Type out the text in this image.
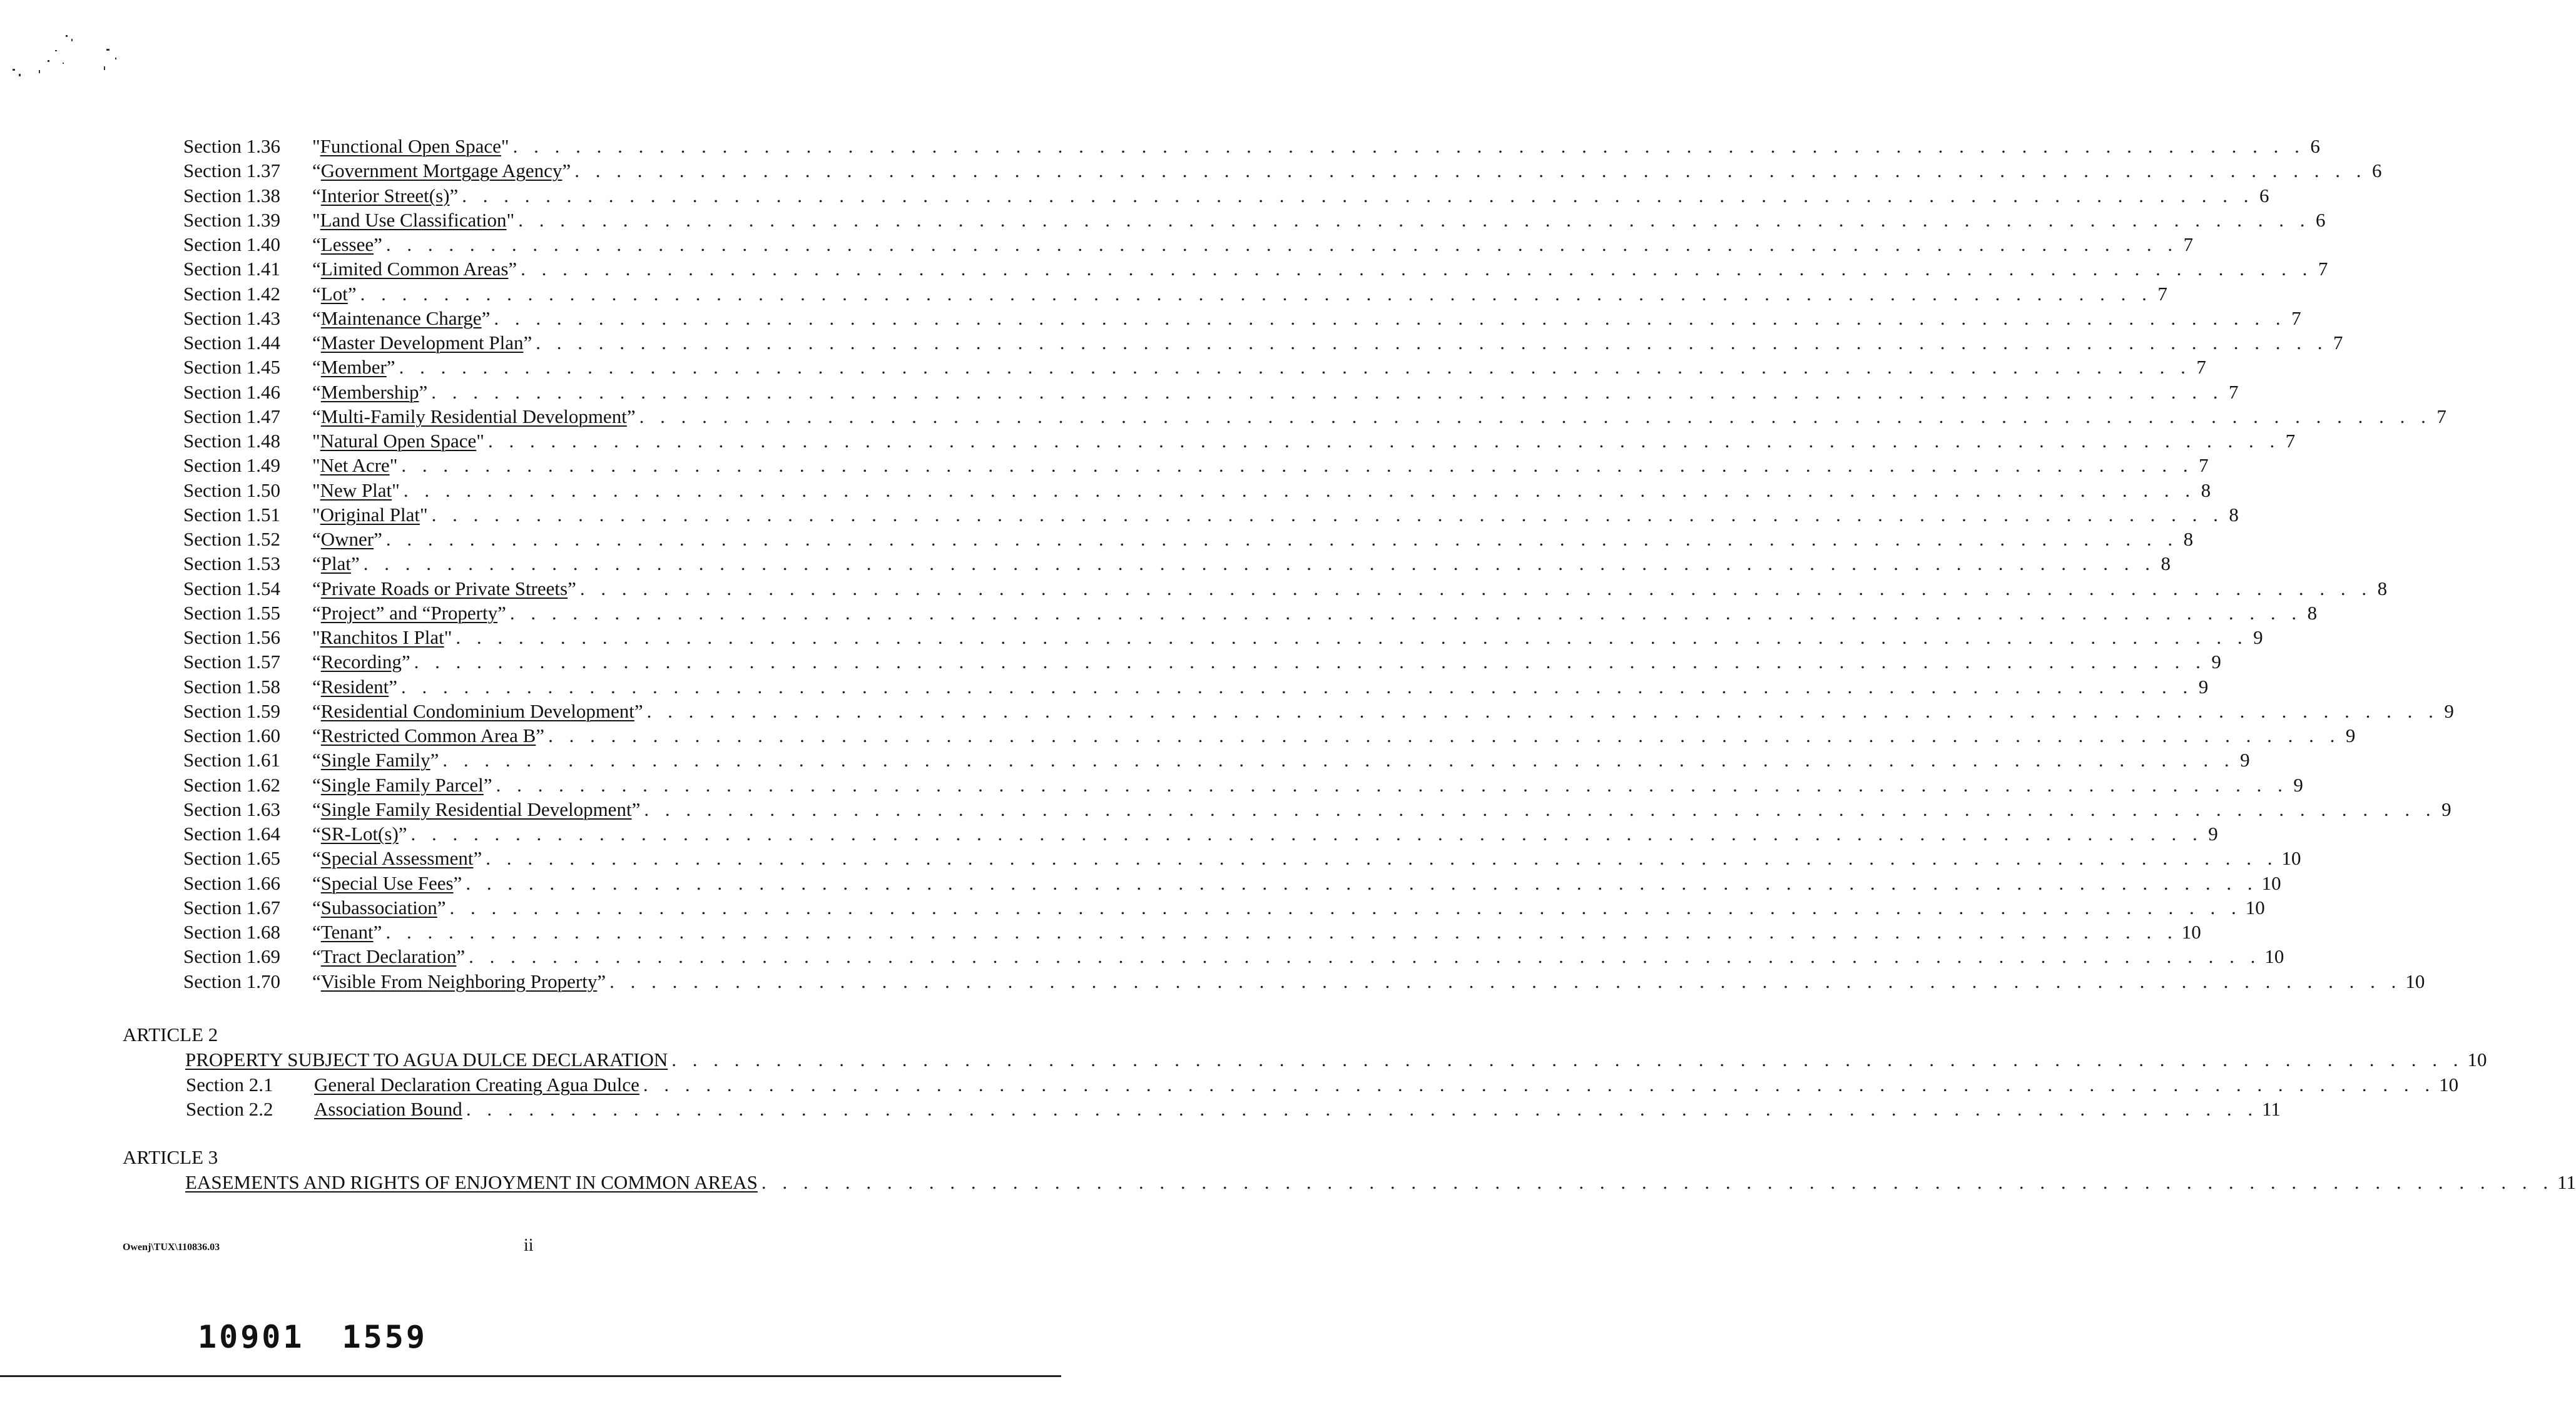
Section 1.36	"Functional Open Space" . . . . . . . . . . . . . . . . . . . . . . . . . . . . . . . . . . . . . . . . . . . . . . . . . . . . . . . . . . . . . . . . . . . . . . . . . . . . . . . . . . . . . . 6
Section 1.37	“Government Mortgage Agency” . . . . . . . . . . . . . . . . . . . . . . . . . . . . . . . . . . . . . . . . . . . . . . . . . . . . . . . . . . . . . . . . . . . . . . . . . . . . . . . . . . . . . . 6
Section 1.38	“Interior Street(s)” . . . . . . . . . . . . . . . . . . . . . . . . . . . . . . . . . . . . . . . . . . . . . . . . . . . . . . . . . . . . . . . . . . . . . . . . . . . . . . . . . . . . . . 6
Section 1.39	"Land Use Classification" . . . . . . . . . . . . . . . . . . . . . . . . . . . . . . . . . . . . . . . . . . . . . . . . . . . . . . . . . . . . . . . . . . . . . . . . . . . . . . . . . . . . . . 6
Section 1.40	“Lessee” . . . . . . . . . . . . . . . . . . . . . . . . . . . . . . . . . . . . . . . . . . . . . . . . . . . . . . . . . . . . . . . . . . . . . . . . . . . . . . . . . . . . . . 7
Section 1.41	“Limited Common Areas” . . . . . . . . . . . . . . . . . . . . . . . . . . . . . . . . . . . . . . . . . . . . . . . . . . . . . . . . . . . . . . . . . . . . . . . . . . . . . . . . . . . . . . 7
Section 1.42	“Lot” . . . . . . . . . . . . . . . . . . . . . . . . . . . . . . . . . . . . . . . . . . . . . . . . . . . . . . . . . . . . . . . . . . . . . . . . . . . . . . . . . . . . . . 7
Section 1.43	“Maintenance Charge” . . . . . . . . . . . . . . . . . . . . . . . . . . . . . . . . . . . . . . . . . . . . . . . . . . . . . . . . . . . . . . . . . . . . . . . . . . . . . . . . . . . . . . 7
Section 1.44	“Master Development Plan” . . . . . . . . . . . . . . . . . . . . . . . . . . . . . . . . . . . . . . . . . . . . . . . . . . . . . . . . . . . . . . . . . . . . . . . . . . . . . . . . . . . . . . 7
Section 1.45	“Member” . . . . . . . . . . . . . . . . . . . . . . . . . . . . . . . . . . . . . . . . . . . . . . . . . . . . . . . . . . . . . . . . . . . . . . . . . . . . . . . . . . . . . . 7
Section 1.46	“Membership” . . . . . . . . . . . . . . . . . . . . . . . . . . . . . . . . . . . . . . . . . . . . . . . . . . . . . . . . . . . . . . . . . . . . . . . . . . . . . . . . . . . . . . 7
Section 1.47	“Multi-Family Residential Development” . . . . . . . . . . . . . . . . . . . . . . . . . . . . . . . . . . . . . . . . . . . . . . . . . . . . . . . . . . . . . . . . . . . . . . . . . . . . . . . . . . . . . . 7
Section 1.48	"Natural Open Space" . . . . . . . . . . . . . . . . . . . . . . . . . . . . . . . . . . . . . . . . . . . . . . . . . . . . . . . . . . . . . . . . . . . . . . . . . . . . . . . . . . . . . . 7
Section 1.49	"Net Acre" . . . . . . . . . . . . . . . . . . . . . . . . . . . . . . . . . . . . . . . . . . . . . . . . . . . . . . . . . . . . . . . . . . . . . . . . . . . . . . . . . . . . . . 7
Section 1.50	"New Plat" . . . . . . . . . . . . . . . . . . . . . . . . . . . . . . . . . . . . . . . . . . . . . . . . . . . . . . . . . . . . . . . . . . . . . . . . . . . . . . . . . . . . . . 8
Section 1.51	"Original Plat" . . . . . . . . . . . . . . . . . . . . . . . . . . . . . . . . . . . . . . . . . . . . . . . . . . . . . . . . . . . . . . . . . . . . . . . . . . . . . . . . . . . . . . 8
Section 1.52	“Owner” . . . . . . . . . . . . . . . . . . . . . . . . . . . . . . . . . . . . . . . . . . . . . . . . . . . . . . . . . . . . . . . . . . . . . . . . . . . . . . . . . . . . . . 8
Section 1.53	“Plat” . . . . . . . . . . . . . . . . . . . . . . . . . . . . . . . . . . . . . . . . . . . . . . . . . . . . . . . . . . . . . . . . . . . . . . . . . . . . . . . . . . . . . . 8
Section 1.54	“Private Roads or Private Streets” . . . . . . . . . . . . . . . . . . . . . . . . . . . . . . . . . . . . . . . . . . . . . . . . . . . . . . . . . . . . . . . . . . . . . . . . . . . . . . . . . . . . . . 8
Section 1.55	“Project” and “Property” . . . . . . . . . . . . . . . . . . . . . . . . . . . . . . . . . . . . . . . . . . . . . . . . . . . . . . . . . . . . . . . . . . . . . . . . . . . . . . . . . . . . . . 8
Section 1.56	"Ranchitos I Plat" . . . . . . . . . . . . . . . . . . . . . . . . . . . . . . . . . . . . . . . . . . . . . . . . . . . . . . . . . . . . . . . . . . . . . . . . . . . . . . . . . . . . . . 9
Section 1.57	“Recording” . . . . . . . . . . . . . . . . . . . . . . . . . . . . . . . . . . . . . . . . . . . . . . . . . . . . . . . . . . . . . . . . . . . . . . . . . . . . . . . . . . . . . . 9
Section 1.58	“Resident” . . . . . . . . . . . . . . . . . . . . . . . . . . . . . . . . . . . . . . . . . . . . . . . . . . . . . . . . . . . . . . . . . . . . . . . . . . . . . . . . . . . . . . 9
Section 1.59	“Residential Condominium Development” . . . . . . . . . . . . . . . . . . . . . . . . . . . . . . . . . . . . . . . . . . . . . . . . . . . . . . . . . . . . . . . . . . . . . . . . . . . . . . . . . . . . . . 9
Section 1.60	“Restricted Common Area B” . . . . . . . . . . . . . . . . . . . . . . . . . . . . . . . . . . . . . . . . . . . . . . . . . . . . . . . . . . . . . . . . . . . . . . . . . . . . . . . . . . . . . . 9
Section 1.61	“Single Family” . . . . . . . . . . . . . . . . . . . . . . . . . . . . . . . . . . . . . . . . . . . . . . . . . . . . . . . . . . . . . . . . . . . . . . . . . . . . . . . . . . . . . . 9
Section 1.62	“Single Family Parcel” . . . . . . . . . . . . . . . . . . . . . . . . . . . . . . . . . . . . . . . . . . . . . . . . . . . . . . . . . . . . . . . . . . . . . . . . . . . . . . . . . . . . . . 9
Section 1.63	“Single Family Residential Development” . . . . . . . . . . . . . . . . . . . . . . . . . . . . . . . . . . . . . . . . . . . . . . . . . . . . . . . . . . . . . . . . . . . . . . . . . . . . . . . . . . . . . . 9
Section 1.64	“SR-Lot(s)” . . . . . . . . . . . . . . . . . . . . . . . . . . . . . . . . . . . . . . . . . . . . . . . . . . . . . . . . . . . . . . . . . . . . . . . . . . . . . . . . . . . . . . 9
Section 1.65	“Special Assessment” . . . . . . . . . . . . . . . . . . . . . . . . . . . . . . . . . . . . . . . . . . . . . . . . . . . . . . . . . . . . . . . . . . . . . . . . . . . . . . . . . . . . . . 10
Section 1.66	“Special Use Fees” . . . . . . . . . . . . . . . . . . . . . . . . . . . . . . . . . . . . . . . . . . . . . . . . . . . . . . . . . . . . . . . . . . . . . . . . . . . . . . . . . . . . . . 10
Section 1.67	“Subassociation” . . . . . . . . . . . . . . . . . . . . . . . . . . . . . . . . . . . . . . . . . . . . . . . . . . . . . . . . . . . . . . . . . . . . . . . . . . . . . . . . . . . . . . 10
Section 1.68	“Tenant” . . . . . . . . . . . . . . . . . . . . . . . . . . . . . . . . . . . . . . . . . . . . . . . . . . . . . . . . . . . . . . . . . . . . . . . . . . . . . . . . . . . . . . 10
Section 1.69	“Tract Declaration” . . . . . . . . . . . . . . . . . . . . . . . . . . . . . . . . . . . . . . . . . . . . . . . . . . . . . . . . . . . . . . . . . . . . . . . . . . . . . . . . . . . . . . 10
Section 1.70	“Visible From Neighboring Property” . . . . . . . . . . . . . . . . . . . . . . . . . . . . . . . . . . . . . . . . . . . . . . . . . . . . . . . . . . . . . . . . . . . . . . . . . . . . . . . . . . . . . . 10
ARTICLE 2
PROPERTY SUBJECT TO AGUA DULCE DECLARATION . . . . . . . . . . . . . . . . . . . . . . . . . . . . . . . . . . . . . . . . . . . . . . . . . . . . . . . . . . . . . . . . . . . . . . . . . . . . . . . . . . . . . . 10
Section 2.1	General Declaration Creating Agua Dulce . . . . . . . . . . . . . . . . . . . . . . . . . . . . . . . . . . . . . . . . . . . . . . . . . . . . . . . . . . . . . . . . . . . . . . . . . . . . . . . . . . . . . . 10
Section 2.2	Association Bound . . . . . . . . . . . . . . . . . . . . . . . . . . . . . . . . . . . . . . . . . . . . . . . . . . . . . . . . . . . . . . . . . . . . . . . . . . . . . . . . . . . . . . 11
ARTICLE 3
EASEMENTS AND RIGHTS OF ENJOYMENT IN COMMON AREAS . . . . . . . . . . . . . . . . . . . . . . . . . . . . . . . . . . . . . . . . . . . . . . . . . . . . . . . . . . . . . . . . . . . . . . . . . . . . . . . . . . . . . . 11
Owenj\TUX\110836.03	ii
10901 1559
